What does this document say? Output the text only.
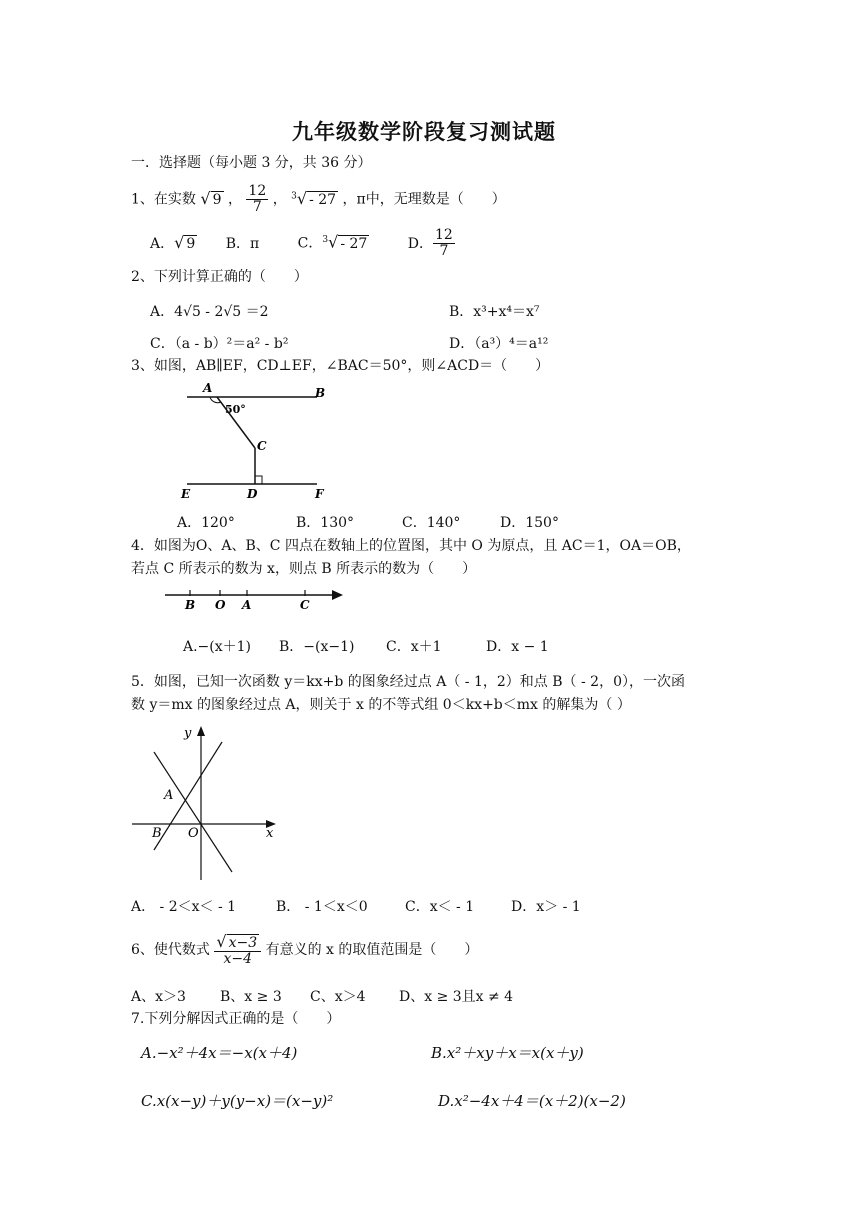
九年级数学阶段复习测试题
一．选择题（每小题 3 分，共 36 分）
1、在实数 √ 9 ， $\frac{12}{7}$ ， $^3$√ - 27 ，π中，无理数是（　　）
A．√ 9 B．π	C．$^3$√ - 27	D． $\frac{12}{7}$
2、下列计算正确的（　　）
A．4√5 - 2√5 ＝2	B．x³+x⁴＝x⁷
C．（a - b）²＝a² - b²	D．（a³）⁴＝a¹²
3、如图，AB∥EF，CD⊥EF，∠BAC＝50°，则∠ACD＝（　　）
A	B
50°
C
E	D	F
A．120°	B．130°	C．140°	D．150°
4．如图为O、A、B、C 四点在数轴上的位置图，其中 O 为原点，且 AC＝1，OA＝OB，
若点 C 所表示的数为 x，则点 B 所表示的数为（　　）
B O A	C
A.−(x＋1) B．−(x−1) C．x＋1	D．x − 1
5．如图，已知一次函数 y＝kx+b 的图象经过点 A（ - 1，2）和点 B（ - 2，0），一次函
数 y＝mx 的图象经过点 A，则关于 x 的不等式组 0＜kx+b＜mx 的解集为（ ）
y
x
A
B O
A． - 2＜x＜ - 1	B． - 1＜x＜0	C．x＜ - 1	D．x＞ - 1
6、使代数式 $\frac{√ x-3}{x-4}$ 有意义的 x 的取值范围是（　　）
A、x＞3 B、x ≥ 3 C、x＞4 D、x ≥ 3且x ≠ 4
7.下列分解因式正确的是（　　）
A.−x²＋4x＝−x(x＋4)	B.x²＋xy＋x＝x(x＋y)
C.x(x−y)＋y(y−x)＝(x−y)²	D.x²−4x＋4＝(x＋2)(x−2)
